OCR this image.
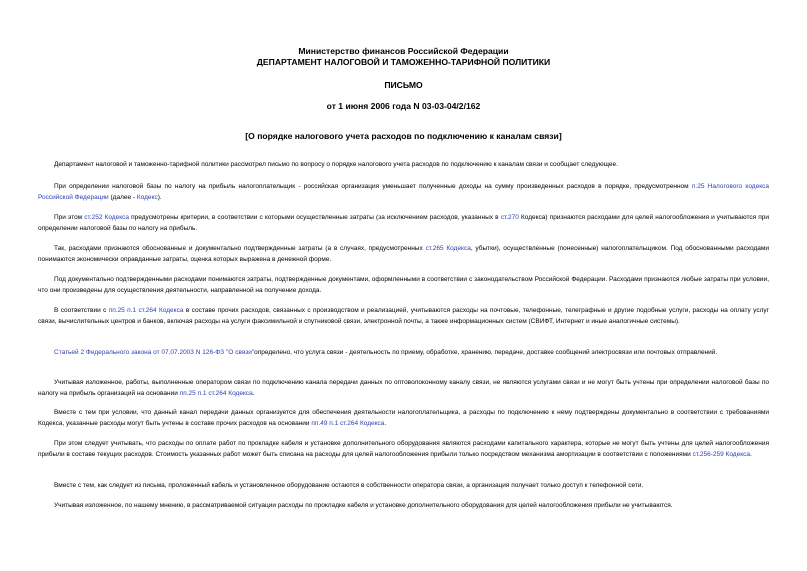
Министерство финансов Российской Федерации
ДЕПАРТАМЕНТ НАЛОГОВОЙ И ТАМОЖЕННО-ТАРИФНОЙ ПОЛИТИКИ
ПИСЬМО
от 1 июня 2006 года N 03-03-04/2/162
[О порядке налогового учета расходов по подключению к каналам связи]
Департамент налоговой и таможенно-тарифной политики рассмотрел письмо по вопросу о порядке налогового учета расходов по подключению к каналам связи и сообщает следующее.
При определении налоговой базы по налогу на прибыль налогоплательщик - российская организация уменьшает полученные доходы на сумму произведенных расходов в порядке, предусмотренном п.25 Налогового кодекса Российской Федерации (далее - Кодекс).
При этом ст.252 Кодекса предусмотрены критерии, в соответствии с которыми осуществленные затраты (за исключением расходов, указанных в ст.270 Кодекса) признаются расходами для целей налогообложения и учитываются при определении налоговой базы по налогу на прибыль.
Так, расходами признаются обоснованные и документально подтвержденные затраты (а в случаях, предусмотренных ст.265 Кодекса, убытки), осуществленные (понесенные) налогоплательщиком. Под обоснованными расходами понимаются экономически оправданные затраты, оценка которых выражена в денежной форме.
Под документально подтвержденными расходами понимаются затраты, подтвержденные документами, оформленными в соответствии с законодательством Российской Федерации. Расходами признаются любые затраты при условии, что они произведены для осуществления деятельности, направленной на получение дохода.
В соответствии с пп.25 п.1 ст.264 Кодекса в составе прочих расходов, связанных с производством и реализацией, учитываются расходы на почтовые, телефонные, телеграфные и другие подобные услуги, расходы на оплату услуг связи, вычислительных центров и банков, включая расходы на услуги факсимильной и спутниковой связи, электронной почты, а также информационных систем (СВИФТ, Интернет и иные аналогичные системы).
Статьей 2 Федерального закона от 07.07.2003 N 126-ФЗ "О связи"определено, что услуга связи - деятельность по приему, обработке, хранению, передаче, доставке сообщений электросвязи или почтовых отправлений.
Учитывая изложенное, работы, выполненные оператором связи по подключению канала передачи данных по оптоволоконному каналу связи, не являются услугами связи и не могут быть учтены при определении налоговой базы по налогу на прибыль организаций на основании пп.25 п.1 ст.264 Кодекса.
Вместе с тем при условии, что данный канал передачи данных организуется для обеспечения деятельности налогоплательщика, а расходы по подключению к нему подтверждены документально в соответствии с требованиями Кодекса, указанные расходы могут быть учтены в составе прочих расходов на основании пп.49 п.1 ст.264 Кодекса.
При этом следует учитывать, что расходы по оплате работ по прокладке кабеля и установке дополнительного оборудования являются расходами капитального характера, которые не могут быть учтены для целей налогообложения прибыли в составе текущих расходов. Стоимость указанных работ может быть списана на расходы для целей налогообложения прибыли только посредством механизма амортизации в соответствии с положениями ст.256-259 Кодекса.
Вместе с тем, как следует из письма, проложенный кабель и установленное оборудование остаются в собственности оператора связи, а организация получает только доступ к телефонной сети.
Учитывая изложенное, по нашему мнению, в рассматриваемой ситуации расходы по прокладке кабеля и установке дополнительного оборудования для целей налогообложения прибыли не учитываются.
